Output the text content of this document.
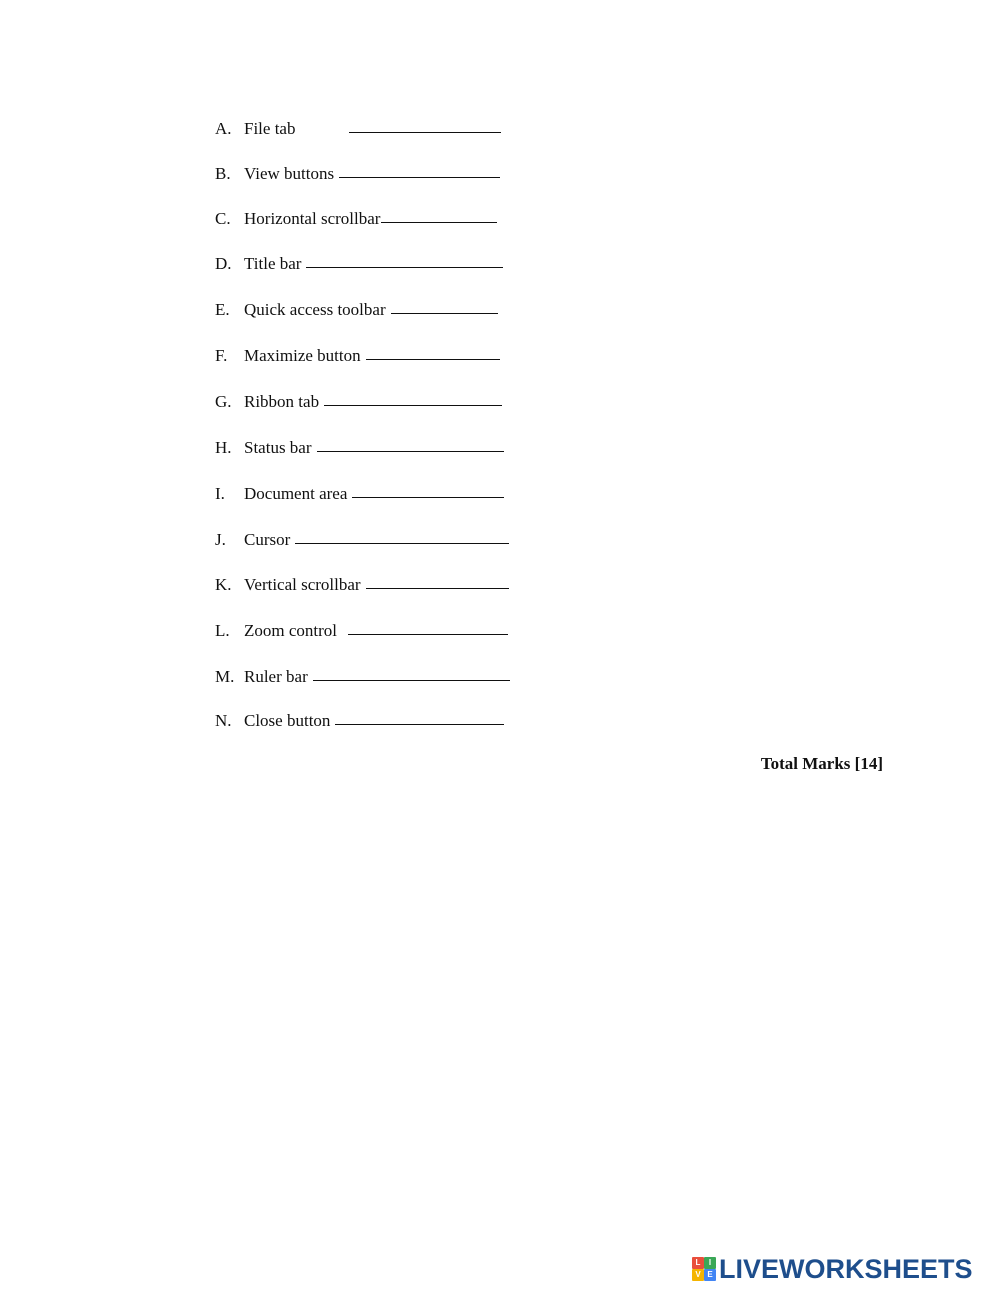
A. File tab
B. View buttons
C. Horizontal scrollbar
D. Title bar
E. Quick access toolbar
F. Maximize button
G. Ribbon tab
H. Status bar
I. Document area
J. Cursor
K. Vertical scrollbar
L. Zoom control
M. Ruler bar
N. Close button
Total Marks [14]
L	I
V E LIVEWORKSHEETS
